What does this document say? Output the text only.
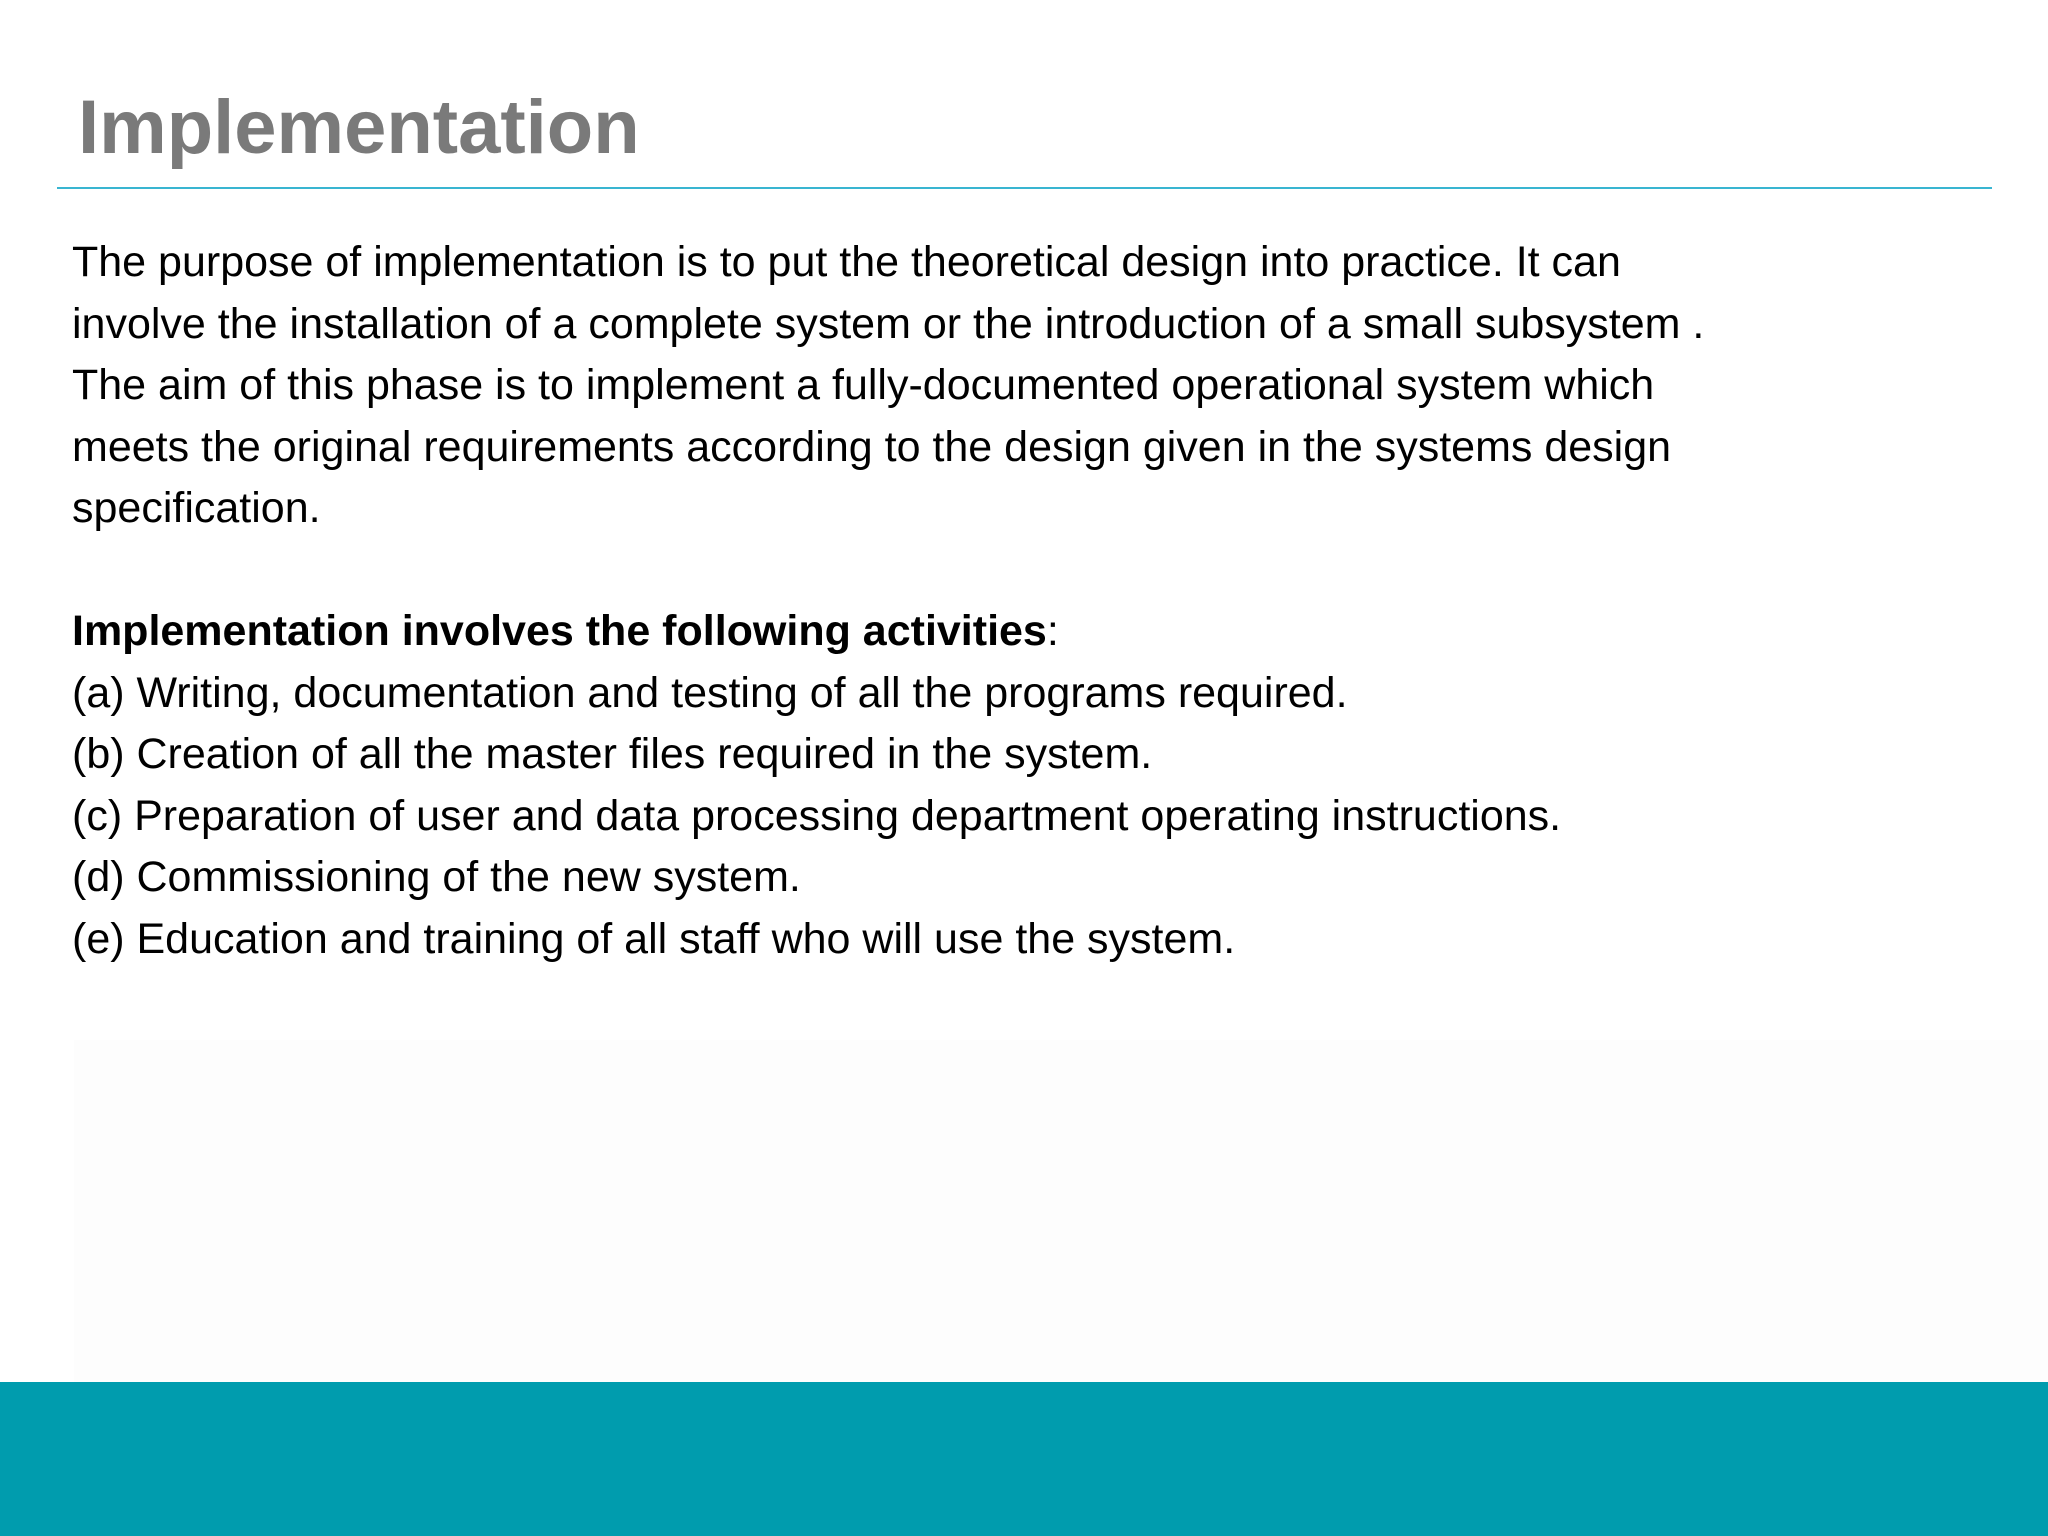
Implementation
The purpose of implementation is to put the theoretical design into practice. It can
involve the installation of a complete system or the introduction of a small subsystem .
The aim of this phase is to implement a fully-documented operational system which
meets the original requirements according to the design given in the systems design
specification.
Implementation involves the following activities:
(a) Writing, documentation and testing of all the programs required.
(b) Creation of all the master files required in the system.
(c) Preparation of user and data processing department operating instructions.
(d) Commissioning of the new system.
(e) Education and training of all staff who will use the system.
